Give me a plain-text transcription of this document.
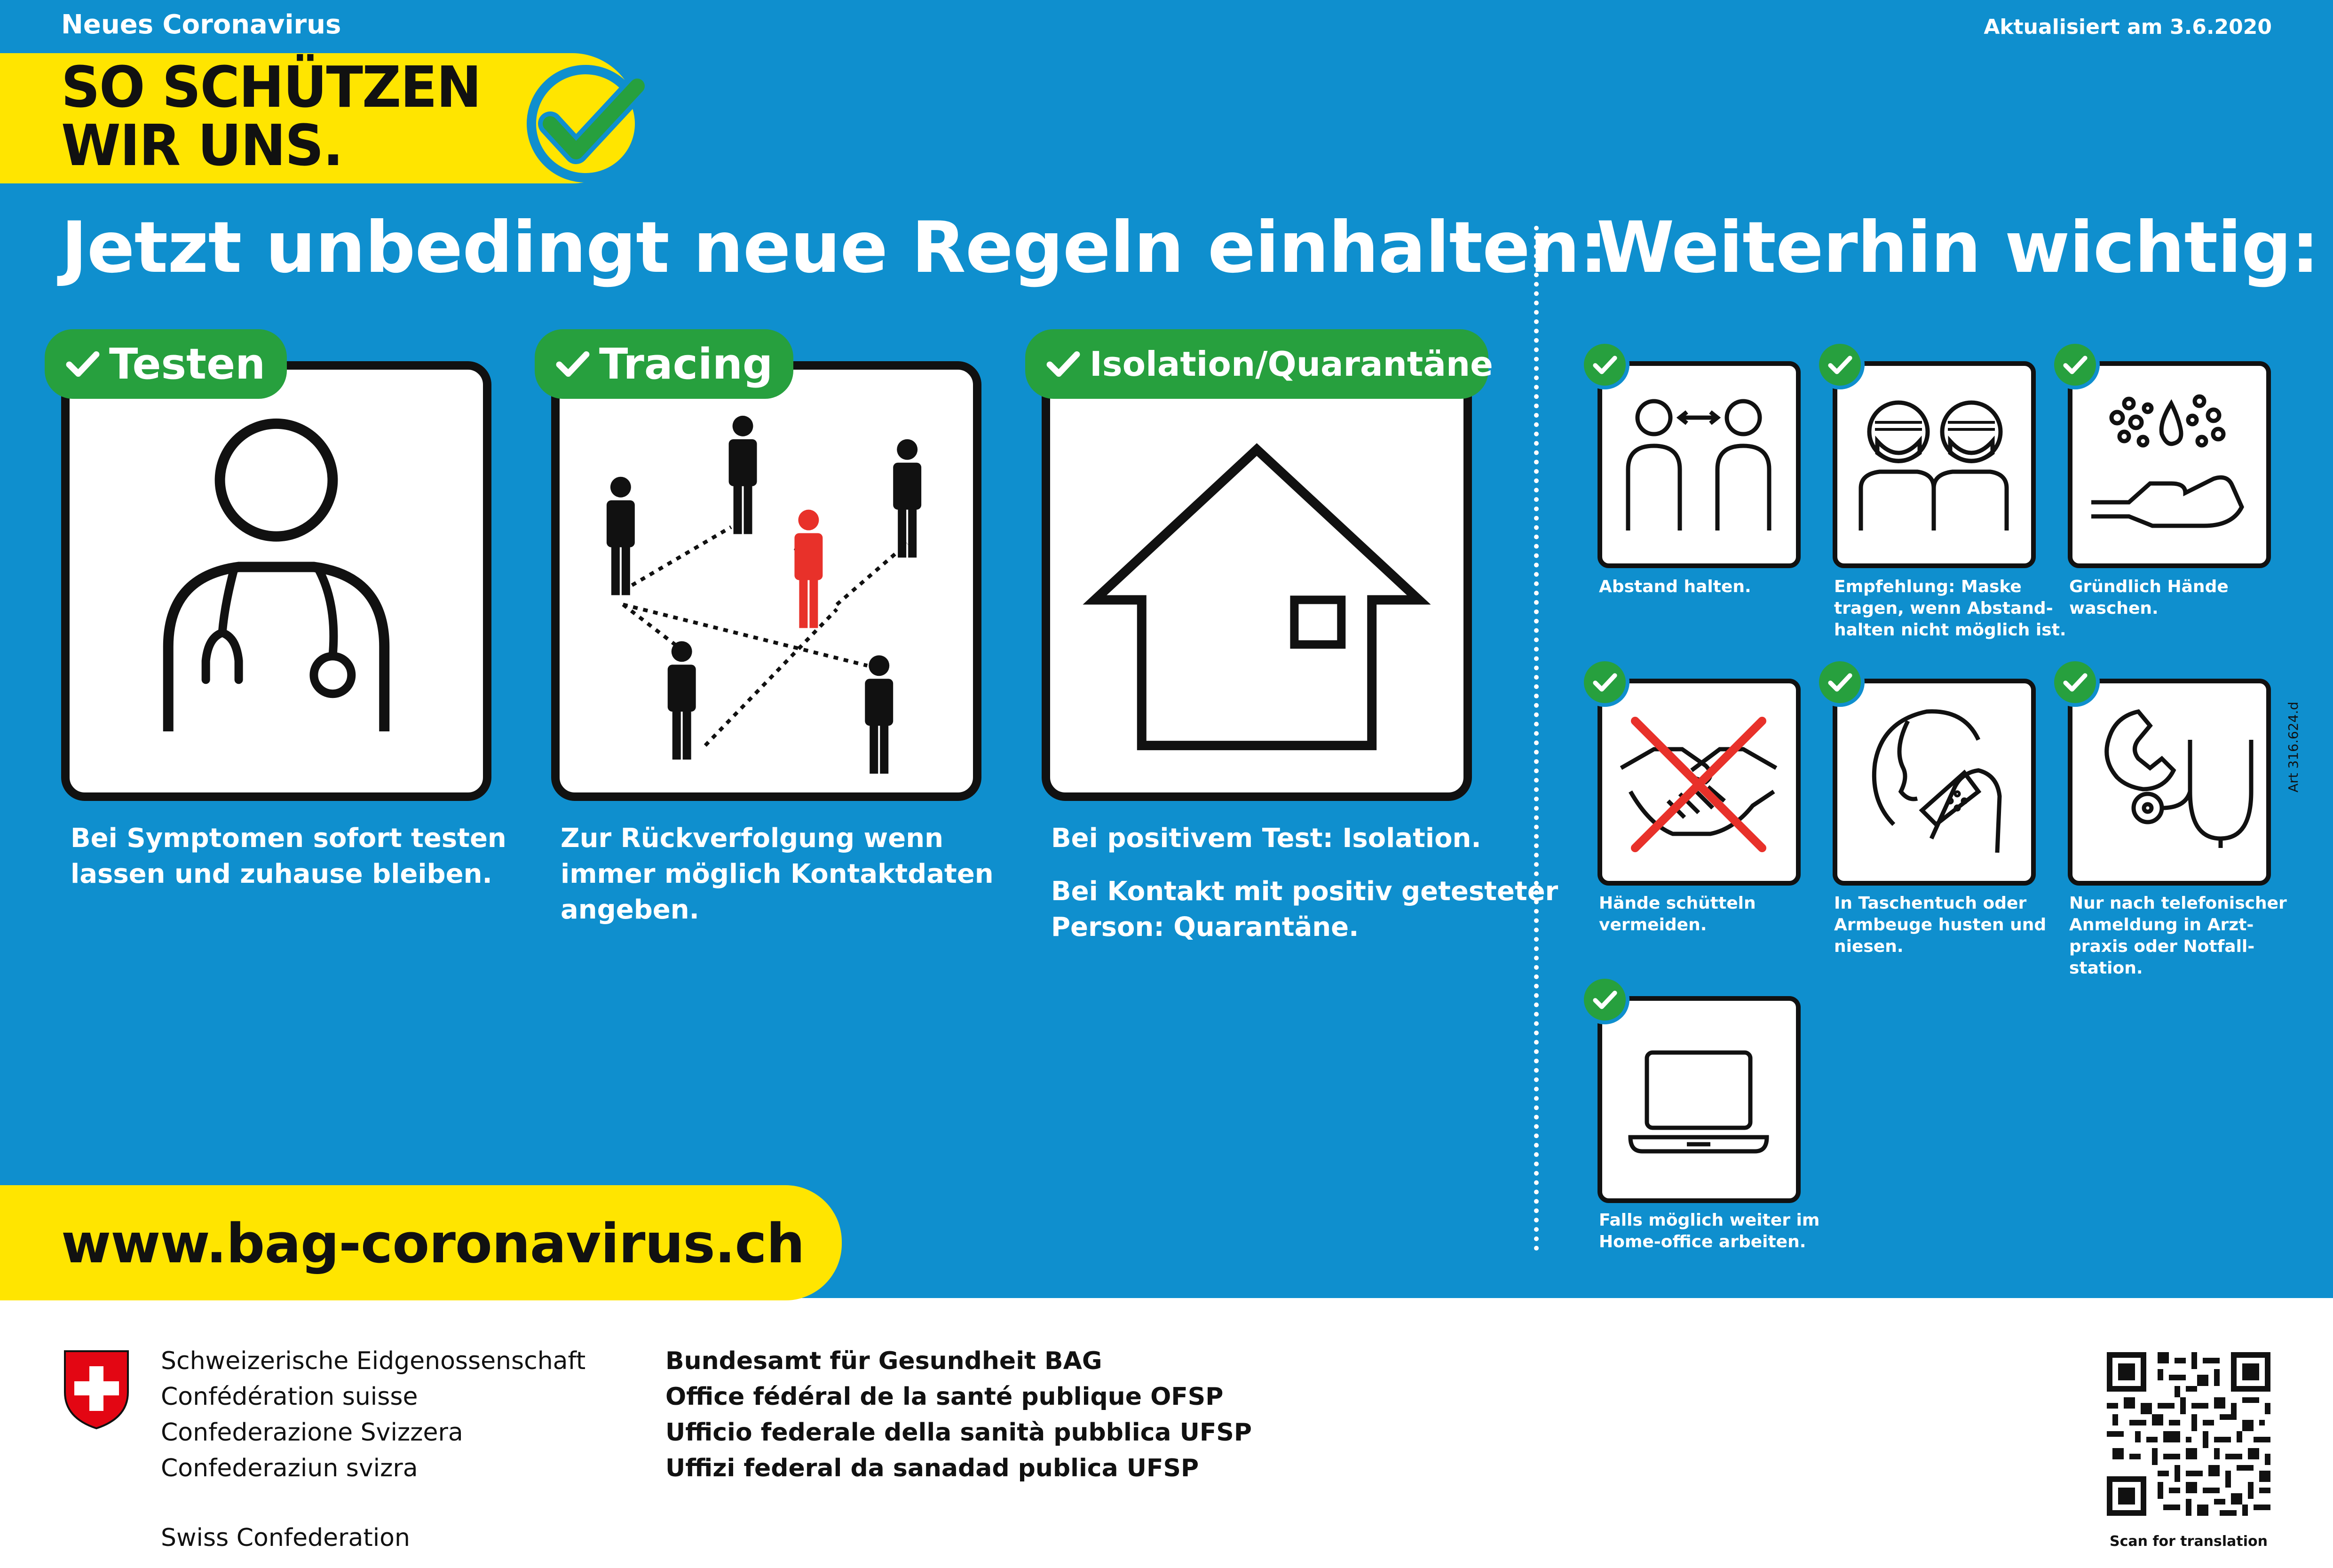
Neues Coronavirus	Aktualisiert am 3.6.2020
SO SCHÜTZEN
WIR UNS.
Jetzt unbedingt neue Regeln einhalten:
Weiterhin wichtig:
Testen
Bei Symptomen sofort testen
lassen und zuhause bleiben.
Tracing
Zur Rückverfolgung wenn
immer möglich Kontaktdaten
angeben.
Isolation/Quarantäne
Bei positivem Test: Isolation.
Bei Kontakt mit positiv getesteter
Person: Quarantäne.
Abstand halten.	Empfehlung: Maske
tragen, wenn Abstand-
halten nicht möglich ist.
Gründlich Hände
waschen.
Hände schütteln
vermeiden.
In Taschentuch oder
Armbeuge husten und
niesen.
Nur nach telefonischer
Anmeldung in Arzt-
praxis oder Notfall-
station.
Falls möglich weiter im
Home-office arbeiten.
Art 316.624.d
www.bag-coronavirus.ch
Schweizerische Eidgenossenschaft
Confédération suisse
Confederazione Svizzera
Confederaziun svizra
Swiss Confederation
Bundesamt für Gesundheit BAG
Office fédéral de la santé publique OFSP
Ufficio federale della sanità pubblica UFSP
Uffizi federal da sanadad publica UFSP
Scan for translation
